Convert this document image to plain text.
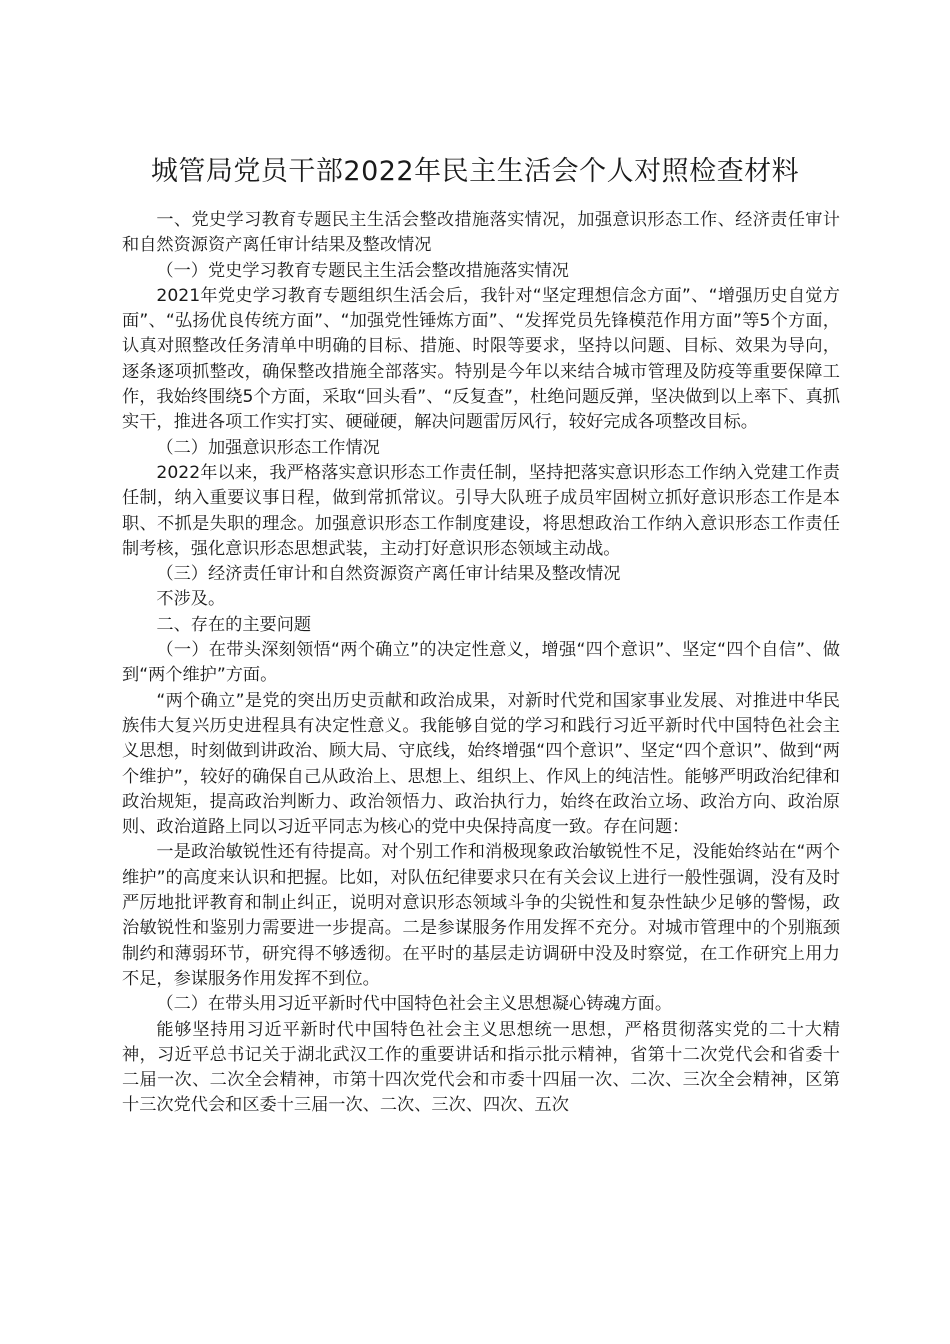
城管局党员干部2022年民主生活会个人对照检查材料

一、党史学习教育专题民主生活会整改措施落实情况，加强意识形态工作、经济责任审计和自然资源资产离任审计结果及整改情况

（一）党史学习教育专题民主生活会整改措施落实情况

2021年党史学习教育专题组织生活会后，我针对“坚定理想信念方面”、“增强历史自觉方面”、“弘扬优良传统方面”、“加强党性锤炼方面”、“发挥党员先锋模范作用方面”等5个方面，认真对照整改任务清单中明确的目标、措施、时限等要求，坚持以问题、目标、效果为导向，逐条逐项抓整改，确保整改措施全部落实。特别是今年以来结合城市管理及防疫等重要保障工作，我始终围绕5个方面，采取“回头看”、“反复查”，杜绝问题反弹，坚决做到以上率下、真抓实干，推进各项工作实打实、硬碰硬，解决问题雷厉风行，较好完成各项整改目标。

（二）加强意识形态工作情况

2022年以来，我严格落实意识形态工作责任制，坚持把落实意识形态工作纳入党建工作责任制，纳入重要议事日程，做到常抓常议。引导大队班子成员牢固树立抓好意识形态工作是本职、不抓是失职的理念。加强意识形态工作制度建设，将思想政治工作纳入意识形态工作责任制考核，强化意识形态思想武装，主动打好意识形态领域主动战。

（三）经济责任审计和自然资源资产离任审计结果及整改情况

不涉及。

二、存在的主要问题

（一）在带头深刻领悟“两个确立”的决定性意义，增强“四个意识”、坚定“四个自信”、做到“两个维护”方面。

“两个确立”是党的突出历史贡献和政治成果，对新时代党和国家事业发展、对推进中华民族伟大复兴历史进程具有决定性意义。我能够自觉的学习和践行习近平新时代中国特色社会主义思想，时刻做到讲政治、顾大局、守底线，始终增强“四个意识”、坚定“四个意识”、做到“两个维护”，较好的确保自己从政治上、思想上、组织上、作风上的纯洁性。能够严明政治纪律和政治规矩，提高政治判断力、政治领悟力、政治执行力，始终在政治立场、政治方向、政治原则、政治道路上同以习近平同志为核心的党中央保持高度一致。存在问题：

一是政治敏锐性还有待提高。对个别工作和消极现象政治敏锐性不足，没能始终站在“两个维护”的高度来认识和把握。比如，对队伍纪律要求只在有关会议上进行一般性强调，没有及时严厉地批评教育和制止纠正，说明对意识形态领域斗争的尖锐性和复杂性缺少足够的警惕，政治敏锐性和鉴别力需要进一步提高。二是参谋服务作用发挥不充分。对城市管理中的个别瓶颈制约和薄弱环节，研究得不够透彻。在平时的基层走访调研中没及时察觉，在工作研究上用力不足，参谋服务作用发挥不到位。

（二）在带头用习近平新时代中国特色社会主义思想凝心铸魂方面。

能够坚持用习近平新时代中国特色社会主义思想统一思想，严格贯彻落实党的二十大精神，习近平总书记关于湖北武汉工作的重要讲话和指示批示精神，省第十二次党代会和省委十二届一次、二次全会精神，市第十四次党代会和市委十四届一次、二次、三次全会精神，区第十三次党代会和区委十三届一次、二次、三次、四次、五次
